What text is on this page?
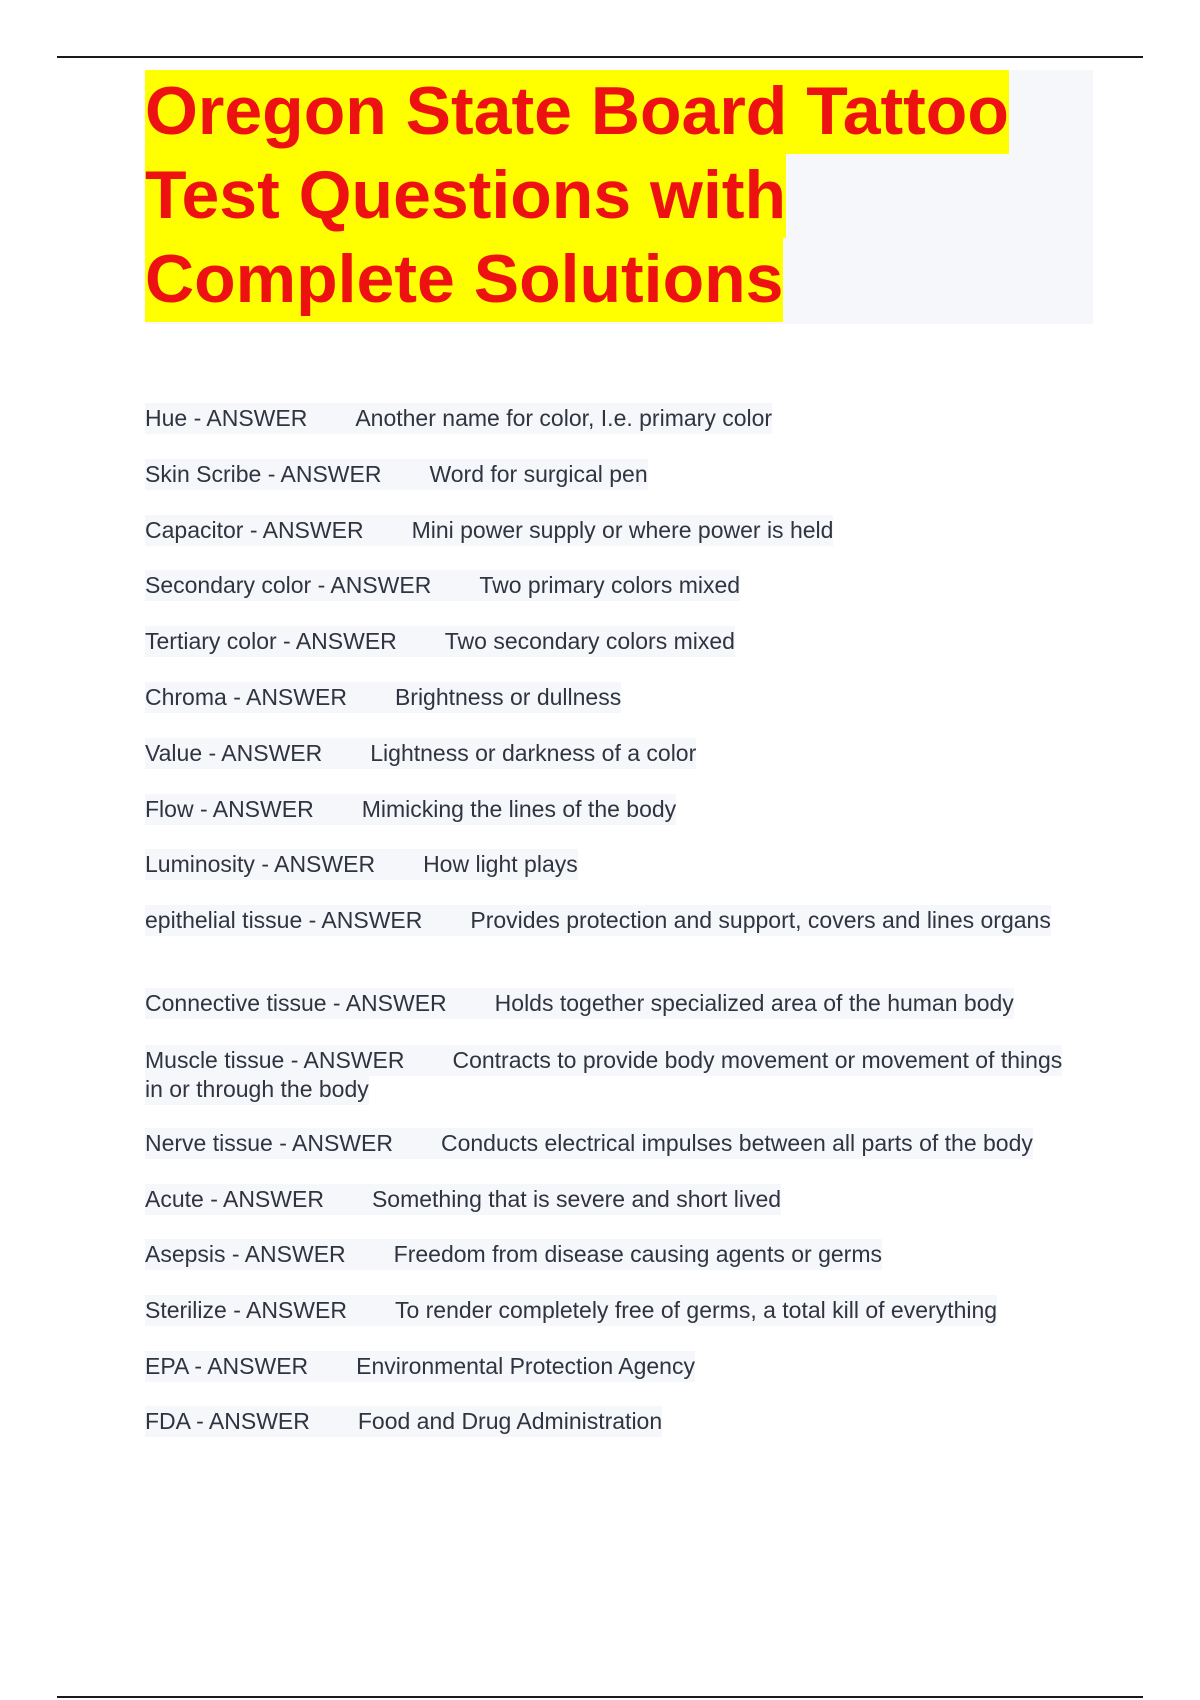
Oregon State Board Tattoo
Test Questions with
Complete Solutions
Hue - ANSWER Another name for color, I.e. primary color
Skin Scribe - ANSWER Word for surgical pen
Capacitor - ANSWER Mini power supply or where power is held
Secondary color - ANSWER Two primary colors mixed
Tertiary color - ANSWER Two secondary colors mixed
Chroma - ANSWER Brightness or dullness
Value - ANSWER Lightness or darkness of a color
Flow - ANSWER Mimicking the lines of the body
Luminosity - ANSWER How light plays
epithelial tissue - ANSWER Provides protection and support, covers and lines organs
Connective tissue - ANSWER Holds together specialized area of the human body
Muscle tissue - ANSWER Contracts to provide body movement or movement of things in or through the body
Nerve tissue - ANSWER Conducts electrical impulses between all parts of the body
Acute - ANSWER Something that is severe and short lived
Asepsis - ANSWER Freedom from disease causing agents or germs
Sterilize - ANSWER To render completely free of germs, a total kill of everything
EPA - ANSWER Environmental Protection Agency
FDA - ANSWER Food and Drug Administration
